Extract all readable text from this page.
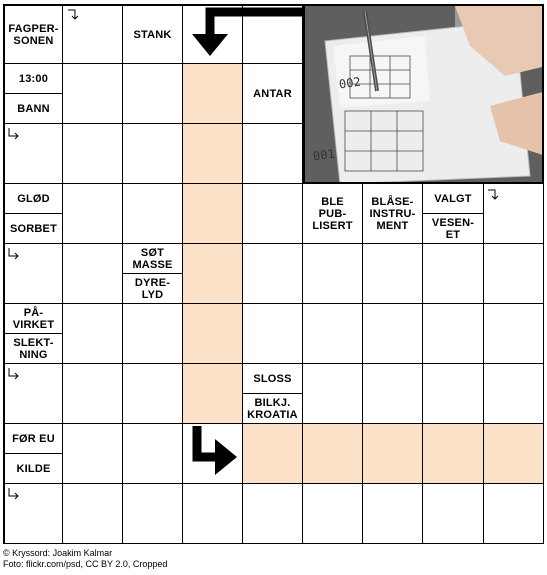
FAGPER-
SONEN	STANK
13:00
BANN
ANTAR
GLØD
SORBET
BLE
PUB-
LISERT
BLÅSE-
INSTRU-
MENT
VALGT
VESEN-
ET
SØT
MASSE
DYRE-
LYD
PÅ-
VIRKET
SLEKT-
NING
SLOSS
BILKJ.
KROATIA
FØR EU
KILDE
002
001
© Kryssord: Joakim Kalmar
Foto: flickr.com/psd, CC BY 2.0, Cropped
